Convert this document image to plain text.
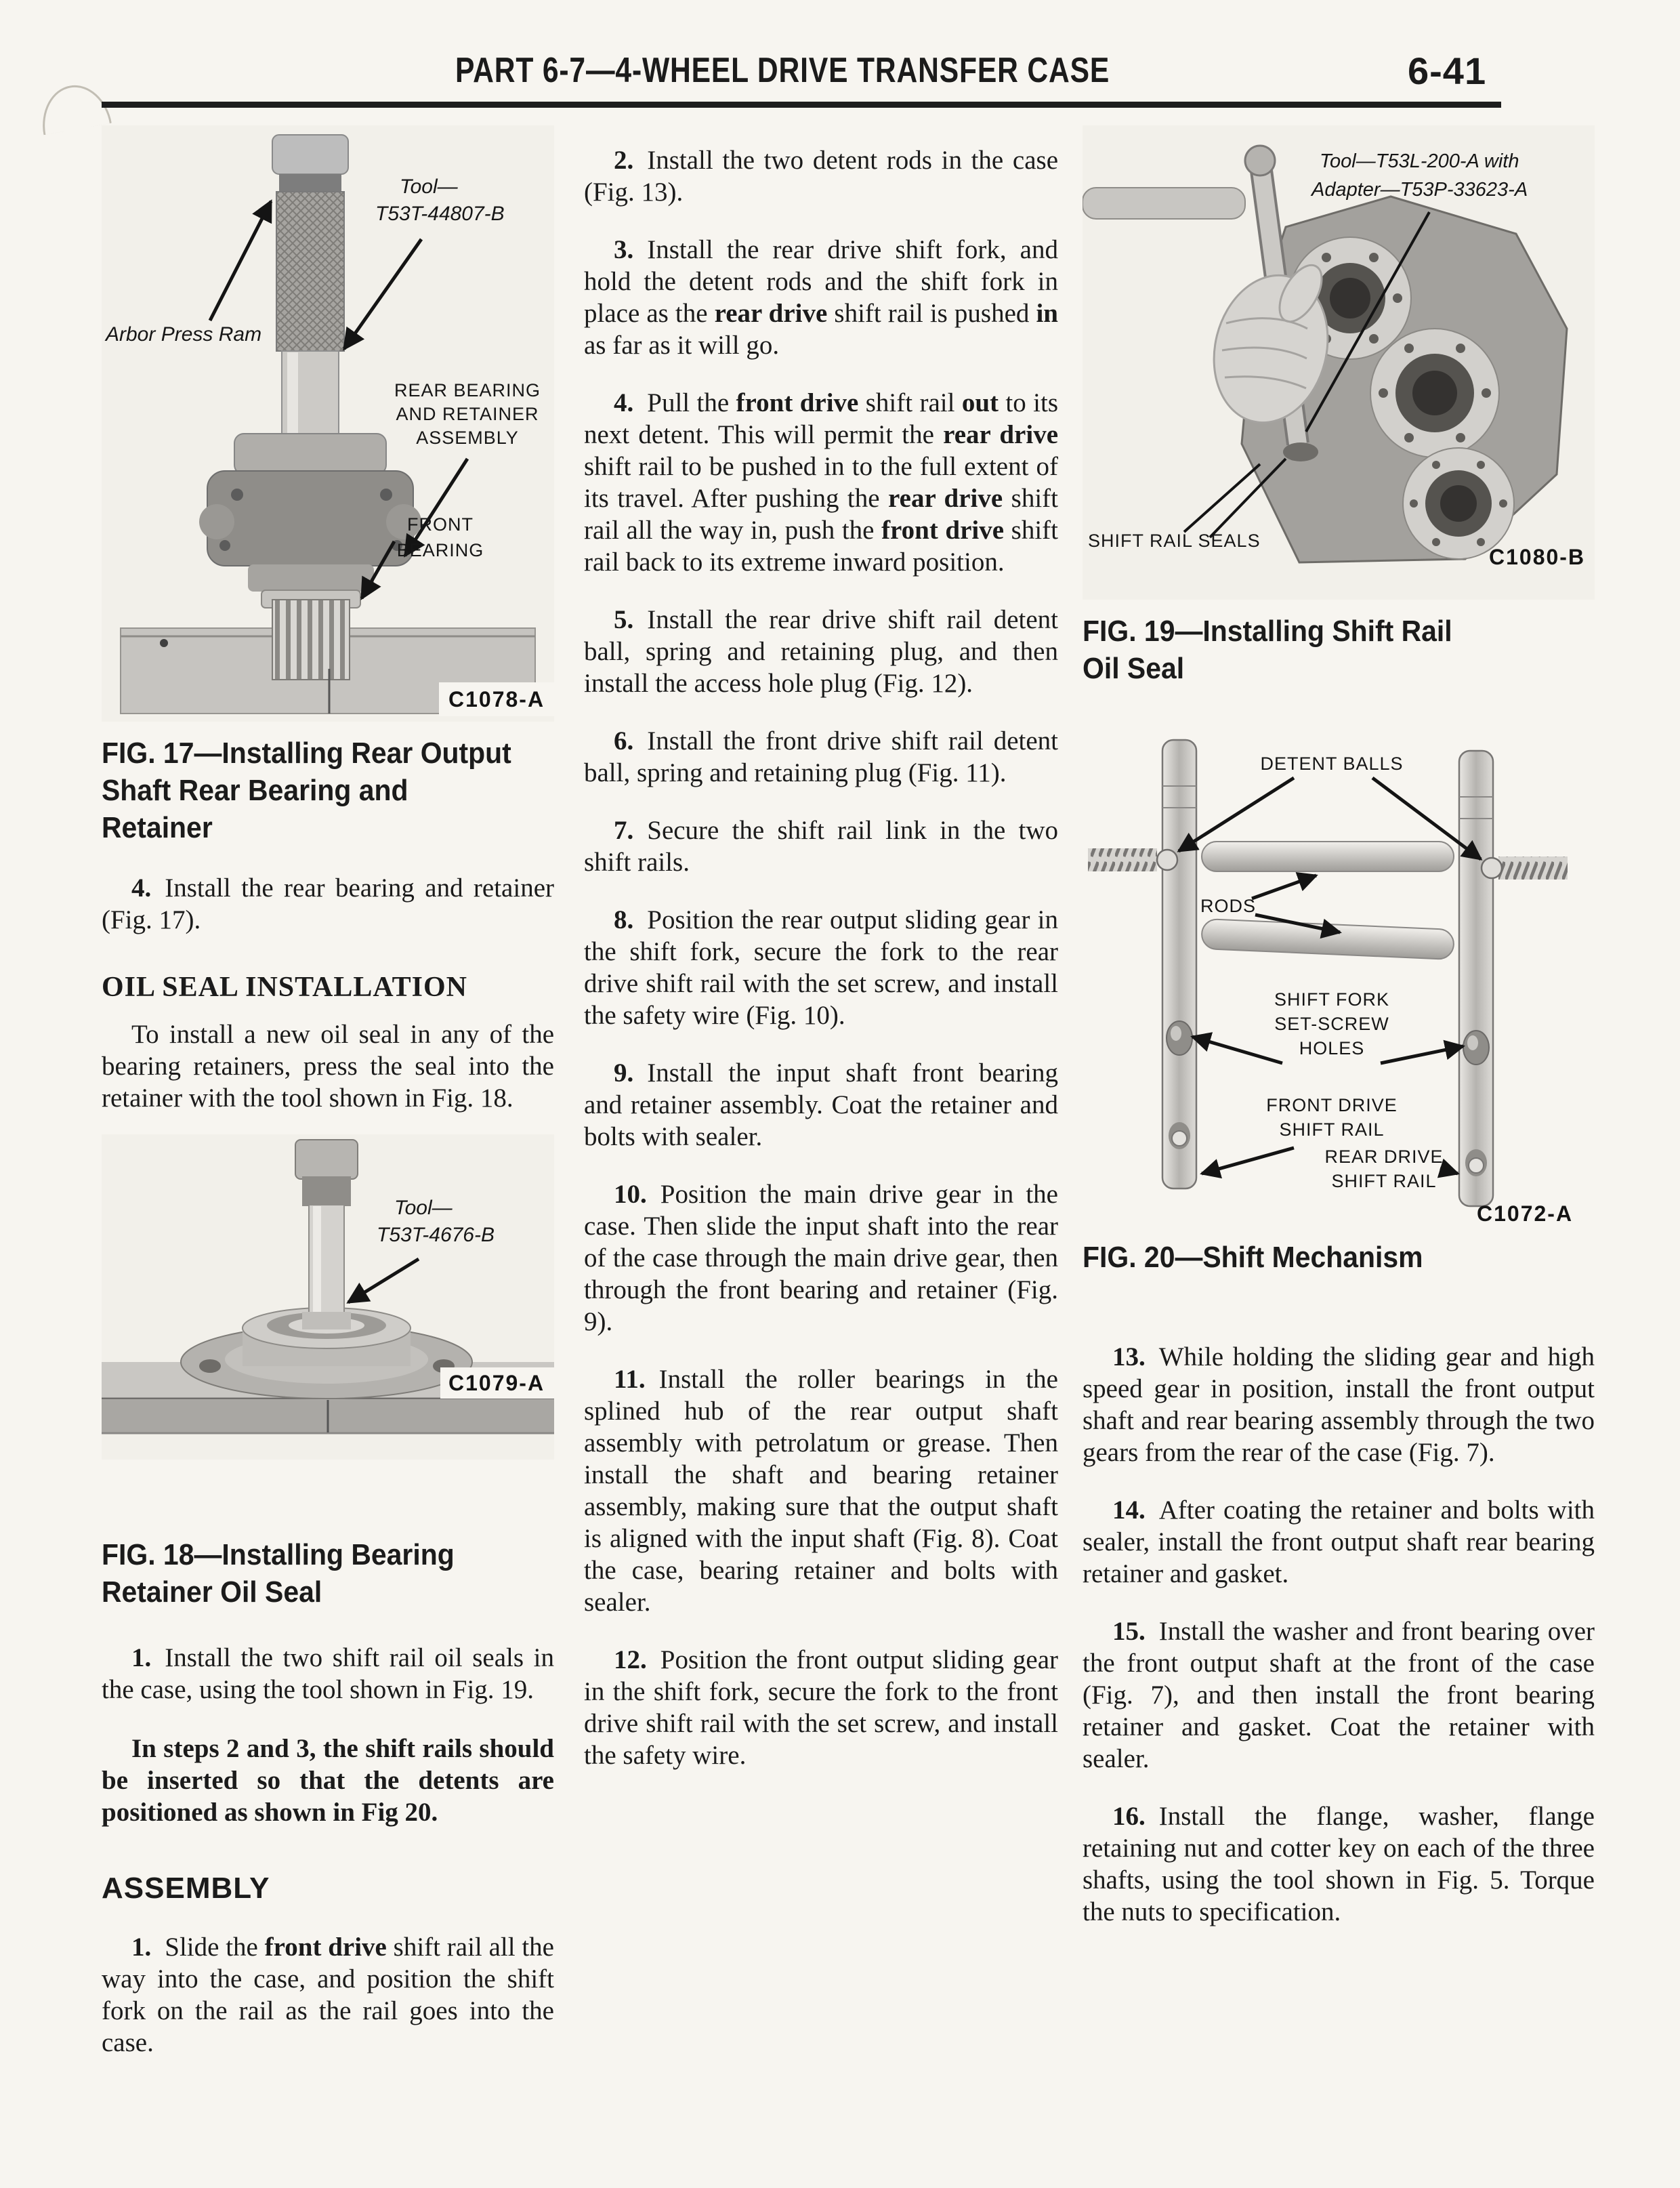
PART 6-7—4-WHEEL DRIVE TRANSFER CASE	6-41
Arbor Press Ram
Tool—
T53T-44807-B
REAR BEARING
AND RETAINER
ASSEMBLY
FRONT
BEARING
C1078-A
FIG. 17—Installing Rear Output Shaft Rear Bearing and Retainer

4. Install the rear bearing and retainer (Fig. 17).

OIL SEAL INSTALLATION

To install a new oil seal in any of the bearing retainers, press the seal into the retainer with the tool shown in Fig. 18.

Tool—
T53T-4676-B
C1079-A
FIG. 18—Installing Bearing Retainer Oil Seal

1. Install the two shift rail oil seals in the case, using the tool shown in Fig. 19.

In steps 2 and 3, the shift rails should be inserted so that the detents are positioned as shown in Fig 20.

ASSEMBLY

1. Slide the front drive shift rail all the way into the case, and position the shift fork on the rail as the rail goes into the case.

2. Install the two detent rods in the case (Fig. 13).

3. Install the rear drive shift fork, and hold the detent rods and the shift fork in place as the rear drive shift rail is pushed in as far as it will go.

4. Pull the front drive shift rail out to its next detent. This will permit the rear drive shift rail to be pushed in to the full extent of its travel. After pushing the rear drive shift rail all the way in, push the front drive shift rail back to its extreme inward position.

5. Install the rear drive shift rail detent ball, spring and retaining plug, and then install the access hole plug (Fig. 12).

6. Install the front drive shift rail detent ball, spring and retaining plug (Fig. 11).

7. Secure the shift rail link in the two shift rails.

8. Position the rear output sliding gear in the shift fork, secure the fork to the rear drive shift rail with the set screw, and install the safety wire (Fig. 10).

9. Install the input shaft front bearing and retainer assembly. Coat the retainer and bolts with sealer.

10. Position the main drive gear in the case. Then slide the input shaft into the rear of the case through the main drive gear, then through the front bearing and retainer (Fig. 9).

11. Install the roller bearings in the splined hub of the rear output shaft assembly with petrolatum or grease. Then install the shaft and bearing retainer assembly, making sure that the output shaft is aligned with the input shaft (Fig. 8). Coat the case, bearing retainer and bolts with sealer.

12. Position the front output sliding gear in the shift fork, secure the fork to the front drive shift rail with the set screw, and install the safety wire.

Tool—T53L-200-A with
Adapter—T53P-33623-A
SHIFT RAIL SEALS
C1080-B
FIG. 19—Installing Shift Rail Oil Seal
DETENT BALLS
RODS
SHIFT FORK
SET-SCREW
HOLES
FRONT DRIVE
SHIFT RAIL
REAR DRIVE
SHIFT RAIL
C1072-A
FIG. 20—Shift Mechanism

13. While holding the sliding gear and high speed gear in position, install the front output shaft and rear bearing assembly through the two gears from the rear of the case (Fig. 7).

14. After coating the retainer and bolts with sealer, install the front output shaft rear bearing retainer and gasket.

15. Install the washer and front bearing over the front output shaft at the front of the case (Fig. 7), and then install the front bearing retainer and gasket. Coat the retainer with sealer.

16. Install the flange, washer, flange retaining nut and cotter key on each of the three shafts, using the tool shown in Fig. 5. Torque the nuts to specification.
